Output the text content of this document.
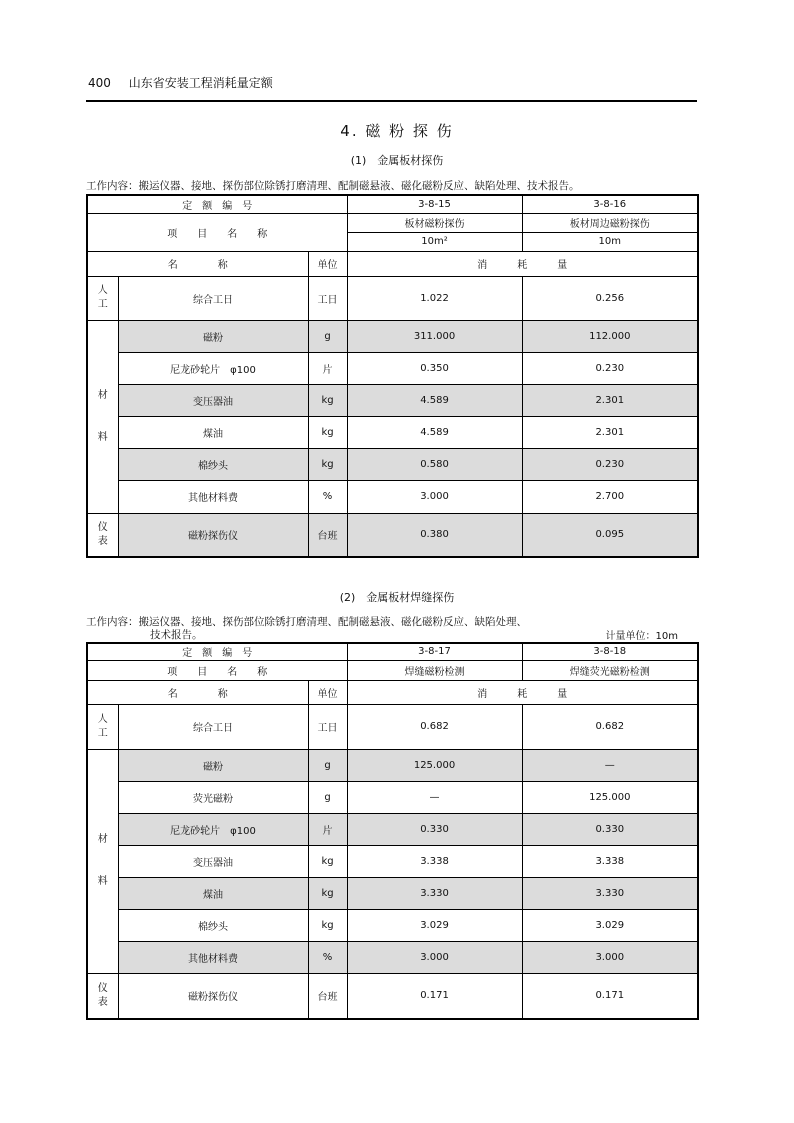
400 山东省安装工程消耗量定额
4. 磁 粉 探 伤
(1)　金属板材探伤
工作内容：搬运仪器、接地、探伤部位除锈打磨清理、配制磁悬液、磁化磁粉反应、缺陷处理、技术报告。
定　额　编　号			3-8-15	3-8-16
项　　目　　名　　称			板材磁粉探伤	板材周边磁粉探伤
			10m²	10m
名　　　　称		单位	消　　　耗　　　量	
人
工	综合工日	工日	1.022	0.256
材

料	磁粉	g	311.000	112.000
	尼龙砂轮片　φ100	片	0.350	0.230
	变压器油	kg	4.589	2.301
	煤油	kg	4.589	2.301
	棉纱头	kg	0.580	0.230
	其他材料费	%	3.000	2.700
仪
表	磁粉探伤仪	台班	0.380	0.095
(2)　金属板材焊缝探伤
工作内容：搬运仪器、接地、探伤部位除锈打磨清理、配制磁悬液、磁化磁粉反应、缺陷处理、
技术报告。	计量单位：10m
定　额　编　号			3-8-17	3-8-18
项　　目　　名　　称			焊缝磁粉检测	焊缝荧光磁粉检测
名　　　　称		单位	消　　　耗　　　量	
人
工	综合工日	工日	0.682	0.682
材

料	磁粉	g	125.000	—
	荧光磁粉	g	—	125.000
	尼龙砂轮片　φ100	片	0.330	0.330
	变压器油	kg	3.338	3.338
	煤油	kg	3.330	3.330
	棉纱头	kg	3.029	3.029
	其他材料费	%	3.000	3.000
仪
表	磁粉探伤仪	台班	0.171	0.171
